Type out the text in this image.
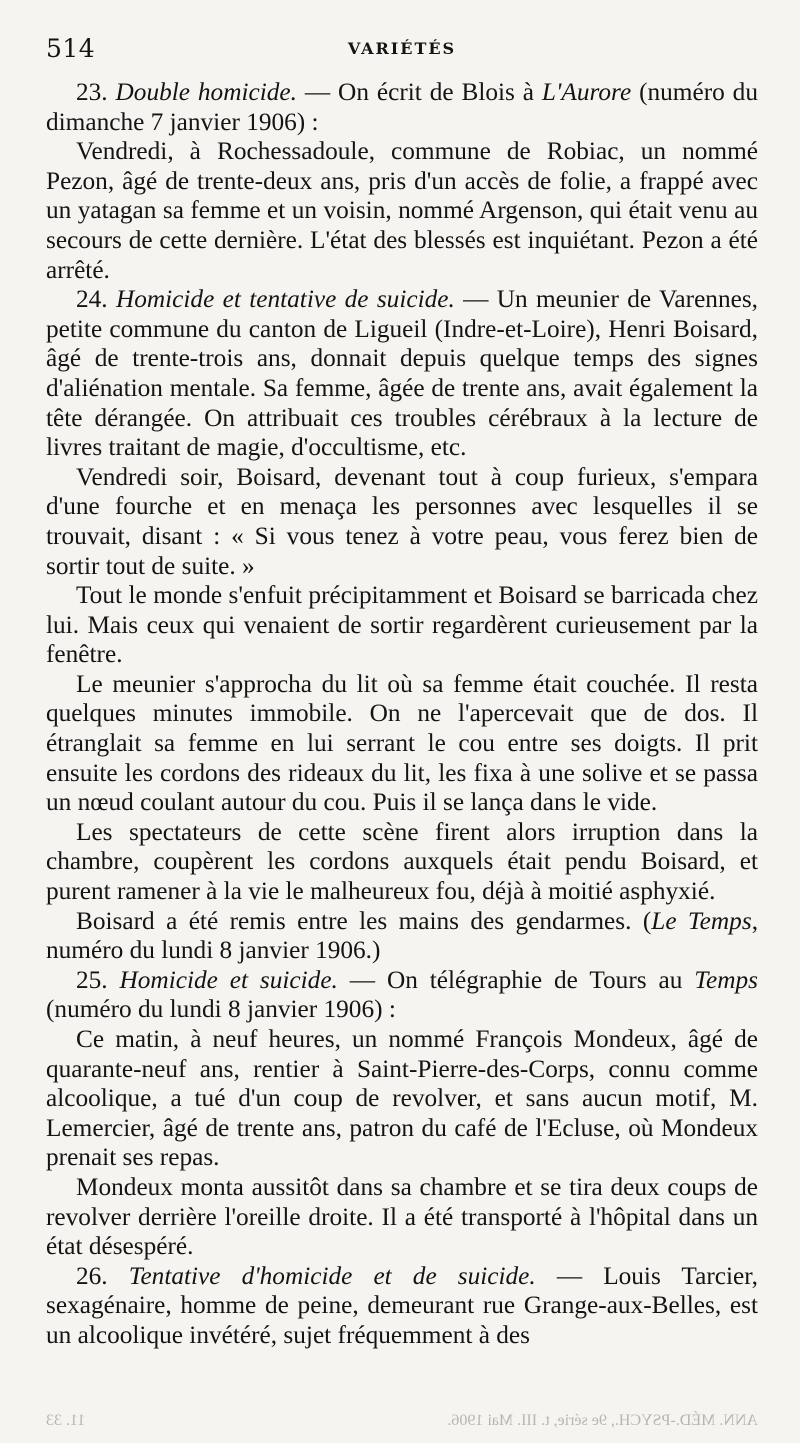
514	VARIÉTÉS

23. Double homicide. — On écrit de Blois à L'Aurore (numéro du dimanche 7 janvier 1906) :

Vendredi, à Rochessadoule, commune de Robiac, un nommé Pezon, âgé de trente-deux ans, pris d'un accès de folie, a frappé avec un yatagan sa femme et un voisin, nommé Argenson, qui était venu au secours de cette dernière. L'état des blessés est inquiétant. Pezon a été arrêté.

24. Homicide et tentative de suicide. — Un meunier de Varennes, petite commune du canton de Ligueil (Indre-et-Loire), Henri Boisard, âgé de trente-trois ans, donnait depuis quelque temps des signes d'aliénation mentale. Sa femme, âgée de trente ans, avait également la tête dérangée. On attribuait ces troubles cérébraux à la lecture de livres traitant de magie, d'occultisme, etc.

Vendredi soir, Boisard, devenant tout à coup furieux, s'empara d'une fourche et en menaça les personnes avec lesquelles il se trouvait, disant : « Si vous tenez à votre peau, vous ferez bien de sortir tout de suite. »

Tout le monde s'enfuit précipitamment et Boisard se barricada chez lui. Mais ceux qui venaient de sortir regardèrent curieusement par la fenêtre.

Le meunier s'approcha du lit où sa femme était couchée. Il resta quelques minutes immobile. On ne l'apercevait que de dos. Il étranglait sa femme en lui serrant le cou entre ses doigts. Il prit ensuite les cordons des rideaux du lit, les fixa à une solive et se passa un nœud coulant autour du cou. Puis il se lança dans le vide.

Les spectateurs de cette scène firent alors irruption dans la chambre, coupèrent les cordons auxquels était pendu Boisard, et purent ramener à la vie le malheureux fou, déjà à moitié asphyxié.

Boisard a été remis entre les mains des gendarmes. (Le Temps, numéro du lundi 8 janvier 1906.)

25. Homicide et suicide. — On télégraphie de Tours au Temps (numéro du lundi 8 janvier 1906) :

Ce matin, à neuf heures, un nommé François Mondeux, âgé de quarante-neuf ans, rentier à Saint-Pierre-des-Corps, connu comme alcoolique, a tué d'un coup de revolver, et sans aucun motif, M. Lemercier, âgé de trente ans, patron du café de l'Ecluse, où Mondeux prenait ses repas.

Mondeux monta aussitôt dans sa chambre et se tira deux coups de revolver derrière l'oreille droite. Il a été transporté à l'hôpital dans un état désespéré.

26. Tentative d'homicide et de suicide. — Louis Tarcier, sexagénaire, homme de peine, demeurant rue Grange-aux-Belles, est un alcoolique invétéré, sujet fréquemment à des

ANN. MÉD.-PSYCH., 9e série, t. III. Mai 1906.
11. 33
